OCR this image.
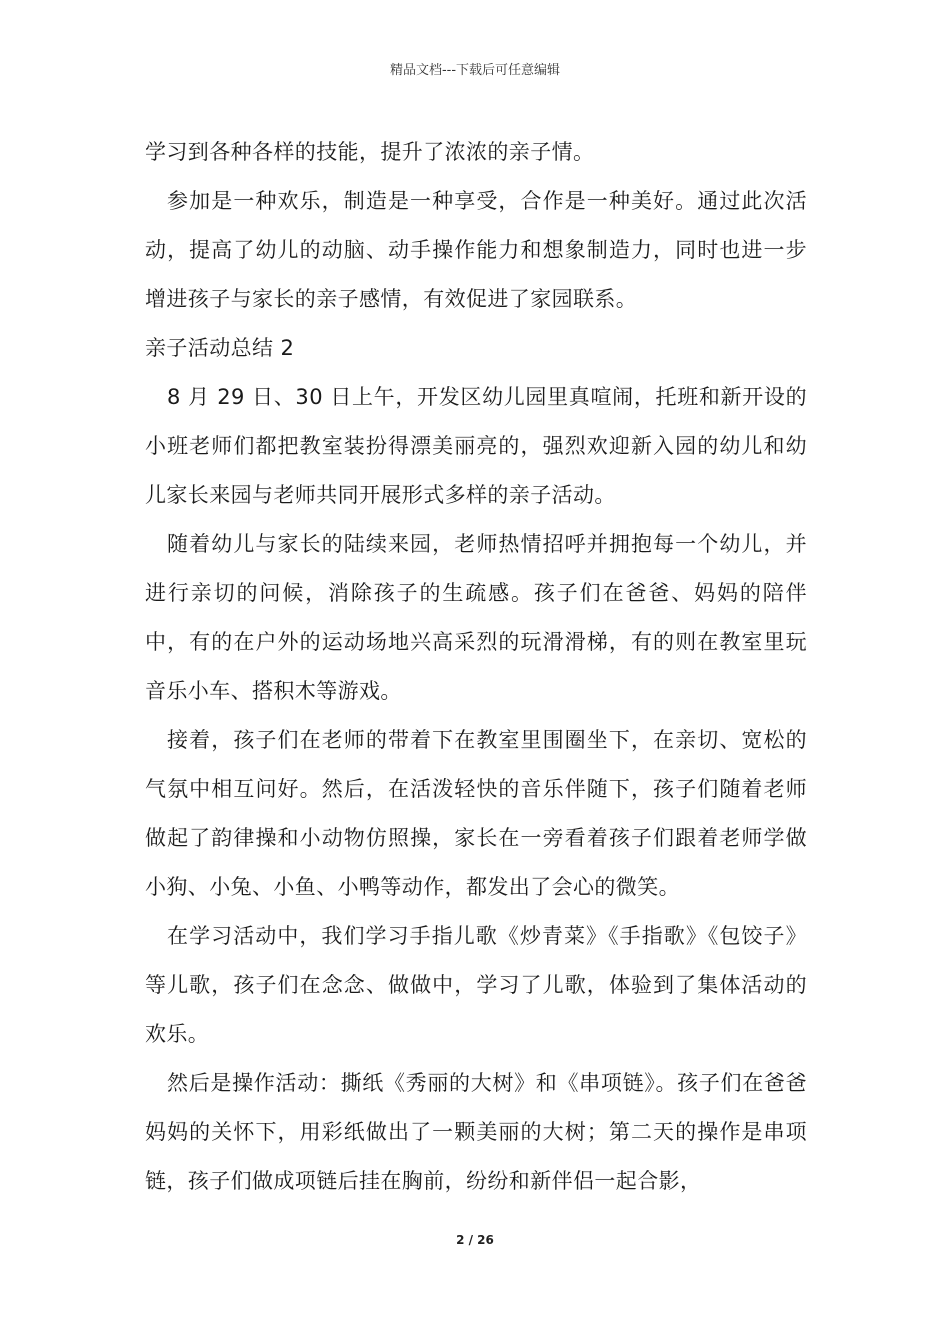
精品文档---下载后可任意编辑

学习到各种各样的技能，提升了浓浓的亲子情。

参加是一种欢乐，制造是一种享受，合作是一种美好。通过此次活动，提高了幼儿的动脑、动手操作能力和想象制造力，同时也进一步增进孩子与家长的亲子感情，有效促进了家园联系。

亲子活动总结 2

8 月 29 日、30 日上午，开发区幼儿园里真喧闹，托班和新开设的小班老师们都把教室装扮得漂美丽亮的，强烈欢迎新入园的幼儿和幼儿家长来园与老师共同开展形式多样的亲子活动。

随着幼儿与家长的陆续来园，老师热情招呼并拥抱每一个幼儿，并进行亲切的问候，消除孩子的生疏感。孩子们在爸爸、妈妈的陪伴中，有的在户外的运动场地兴高采烈的玩滑滑梯，有的则在教室里玩音乐小车、搭积木等游戏。

接着，孩子们在老师的带着下在教室里围圈坐下，在亲切、宽松的气氛中相互问好。然后，在活泼轻快的音乐伴随下，孩子们随着老师做起了韵律操和小动物仿照操，家长在一旁看着孩子们跟着老师学做小狗、小兔、小鱼、小鸭等动作，都发出了会心的微笑。

在学习活动中，我们学习手指儿歌《炒青菜》《手指歌》《包饺子》等儿歌，孩子们在念念、做做中，学习了儿歌，体验到了集体活动的欢乐。

然后是操作活动：撕纸《秀丽的大树》和《串项链》。孩子们在爸爸妈妈的关怀下，用彩纸做出了一颗美丽的大树；第二天的操作是串项链，孩子们做成项链后挂在胸前，纷纷和新伴侣一起合影，

2 / 26
